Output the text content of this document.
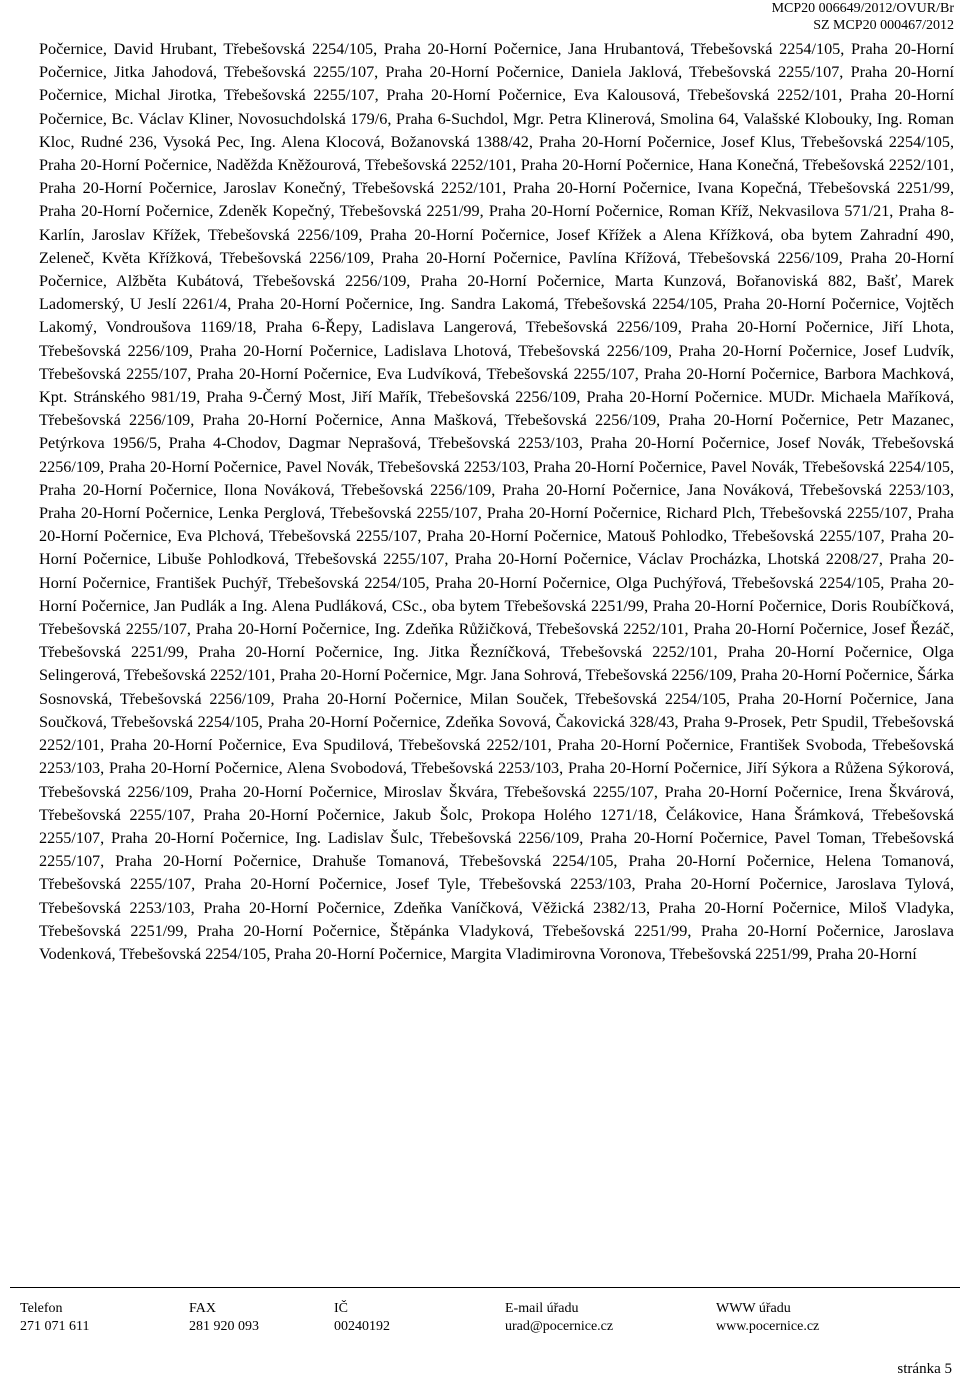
MCP20 006649/2012/OVUR/Br
SZ MCP20 000467/2012
Počernice, David Hrubant, Třebešovská 2254/105, Praha 20-Horní Počernice, Jana Hrubantová, Třebešovská 2254/105, Praha 20-Horní Počernice, Jitka Jahodová, Třebešovská 2255/107, Praha 20-Horní Počernice, Daniela Jaklová, Třebešovská 2255/107, Praha 20-Horní Počernice, Michal Jirotka, Třebešovská 2255/107, Praha 20-Horní Počernice, Eva Kalousová, Třebešovská 2252/101, Praha 20-Horní Počernice, Bc. Václav Kliner, Novosuchdolská 179/6, Praha 6-Suchdol, Mgr. Petra Klinerová, Smolina 64, Valašské Klobouky, Ing. Roman Kloc, Rudné 236, Vysoká Pec, Ing. Alena Klocová, Božanovská 1388/42, Praha 20-Horní Počernice, Josef Klus, Třebešovská 2254/105, Praha 20-Horní Počernice, Naděžda Kněžourová, Třebešovská 2252/101, Praha 20-Horní Počernice, Hana Konečná, Třebešovská 2252/101, Praha 20-Horní Počernice, Jaroslav Konečný, Třebešovská 2252/101, Praha 20-Horní Počernice, Ivana Kopečná, Třebešovská 2251/99, Praha 20-Horní Počernice, Zdeněk Kopečný, Třebešovská 2251/99, Praha 20-Horní Počernice, Roman Kříž, Nekvasilova 571/21, Praha 8-Karlín, Jaroslav Křížek, Třebešovská 2256/109, Praha 20-Horní Počernice, Josef Křížek a Alena Křížková, oba bytem Zahradní 490, Zeleneč, Květa Křížková, Třebešovská 2256/109, Praha 20-Horní Počernice, Pavlína Křížová, Třebešovská 2256/109, Praha 20-Horní Počernice, Alžběta Kubátová, Třebešovská 2256/109, Praha 20-Horní Počernice, Marta Kunzová, Bořanoviská 882, Bašť, Marek Ladomerský, U Jeslí 2261/4, Praha 20-Horní Počernice, Ing. Sandra Lakomá, Třebešovská 2254/105, Praha 20-Horní Počernice, Vojtěch Lakomý, Vondroušova 1169/18, Praha 6-Řepy, Ladislava Langerová, Třebešovská 2256/109, Praha 20-Horní Počernice, Jiří Lhota, Třebešovská 2256/109, Praha 20-Horní Počernice, Ladislava Lhotová, Třebešovská 2256/109, Praha 20-Horní Počernice, Josef Ludvík, Třebešovská 2255/107, Praha 20-Horní Počernice, Eva Ludvíková, Třebešovská 2255/107, Praha 20-Horní Počernice, Barbora Machková, Kpt. Stránského 981/19, Praha 9-Černý Most, Jiří Mařík, Třebešovská 2256/109, Praha 20-Horní Počernice. MUDr. Michaela Maříková, Třebešovská 2256/109, Praha 20-Horní Počernice, Anna Mašková, Třebešovská 2256/109, Praha 20-Horní Počernice, Petr Mazanec, Petýrkova 1956/5, Praha 4-Chodov, Dagmar Neprašová, Třebešovská 2253/103, Praha 20-Horní Počernice, Josef Novák, Třebešovská 2256/109, Praha 20-Horní Počernice, Pavel Novák, Třebešovská 2253/103, Praha 20-Horní Počernice, Pavel Novák, Třebešovská 2254/105, Praha 20-Horní Počernice, Ilona Nováková, Třebešovská 2256/109, Praha 20-Horní Počernice, Jana Nováková, Třebešovská 2253/103, Praha 20-Horní Počernice, Lenka Perglová, Třebešovská 2255/107, Praha 20-Horní Počernice, Richard Plch, Třebešovská 2255/107, Praha 20-Horní Počernice, Eva Plchová, Třebešovská 2255/107, Praha 20-Horní Počernice, Matouš Pohlodko, Třebešovská 2255/107, Praha 20-Horní Počernice, Libuše Pohlodková, Třebešovská 2255/107, Praha 20-Horní Počernice, Václav Procházka, Lhotská 2208/27, Praha 20-Horní Počernice, František Puchýř, Třebešovská 2254/105, Praha 20-Horní Počernice, Olga Puchýřová, Třebešovská 2254/105, Praha 20-Horní Počernice, Jan Pudlák a Ing. Alena Pudláková, CSc., oba bytem Třebešovská 2251/99, Praha 20-Horní Počernice, Doris Roubíčková, Třebešovská 2255/107, Praha 20-Horní Počernice, Ing. Zdeňka Růžičková, Třebešovská 2252/101, Praha 20-Horní Počernice, Josef Řezáč, Třebešovská 2251/99, Praha 20-Horní Počernice, Ing. Jitka Řezníčková, Třebešovská 2252/101, Praha 20-Horní Počernice, Olga Selingerová, Třebešovská 2252/101, Praha 20-Horní Počernice, Mgr. Jana Sohrová, Třebešovská 2256/109, Praha 20-Horní Počernice, Šárka Sosnovská, Třebešovská 2256/109, Praha 20-Horní Počernice, Milan Souček, Třebešovská 2254/105, Praha 20-Horní Počernice, Jana Součková, Třebešovská 2254/105, Praha 20-Horní Počernice, Zdeňka Sovová, Čakovická 328/43, Praha 9-Prosek, Petr Spudil, Třebešovská 2252/101, Praha 20-Horní Počernice, Eva Spudilová, Třebešovská 2252/101, Praha 20-Horní Počernice, František Svoboda, Třebešovská 2253/103, Praha 20-Horní Počernice, Alena Svobodová, Třebešovská 2253/103, Praha 20-Horní Počernice, Jiří Sýkora a Růžena Sýkorová, Třebešovská 2256/109, Praha 20-Horní Počernice, Miroslav Škvára, Třebešovská 2255/107, Praha 20-Horní Počernice, Irena Škvárová, Třebešovská 2255/107, Praha 20-Horní Počernice, Jakub Šolc, Prokopa Holého 1271/18, Čelákovice, Hana Šrámková, Třebešovská 2255/107, Praha 20-Horní Počernice, Ing. Ladislav Šulc, Třebešovská 2256/109, Praha 20-Horní Počernice, Pavel Toman, Třebešovská 2255/107, Praha 20-Horní Počernice, Drahuše Tomanová, Třebešovská 2254/105, Praha 20-Horní Počernice, Helena Tomanová, Třebešovská 2255/107, Praha 20-Horní Počernice, Josef Tyle, Třebešovská 2253/103, Praha 20-Horní Počernice, Jaroslava Tylová, Třebešovská 2253/103, Praha 20-Horní Počernice, Zdeňka Vaníčková, Věžická 2382/13, Praha 20-Horní Počernice, Miloš Vladyka, Třebešovská 2251/99, Praha 20-Horní Počernice, Štěpánka Vladyková, Třebešovská 2251/99, Praha 20-Horní Počernice, Jaroslava Vodenková, Třebešovská 2254/105, Praha 20-Horní Počernice, Margita Vladimirovna Voronova, Třebešovská 2251/99, Praha 20-Horní
Telefon
271 071 611
FAX
281 920 093
IČ
00240192
E-mail úřadu
urad@pocernice.cz
WWW úřadu
www.pocernice.cz
stránka 5
